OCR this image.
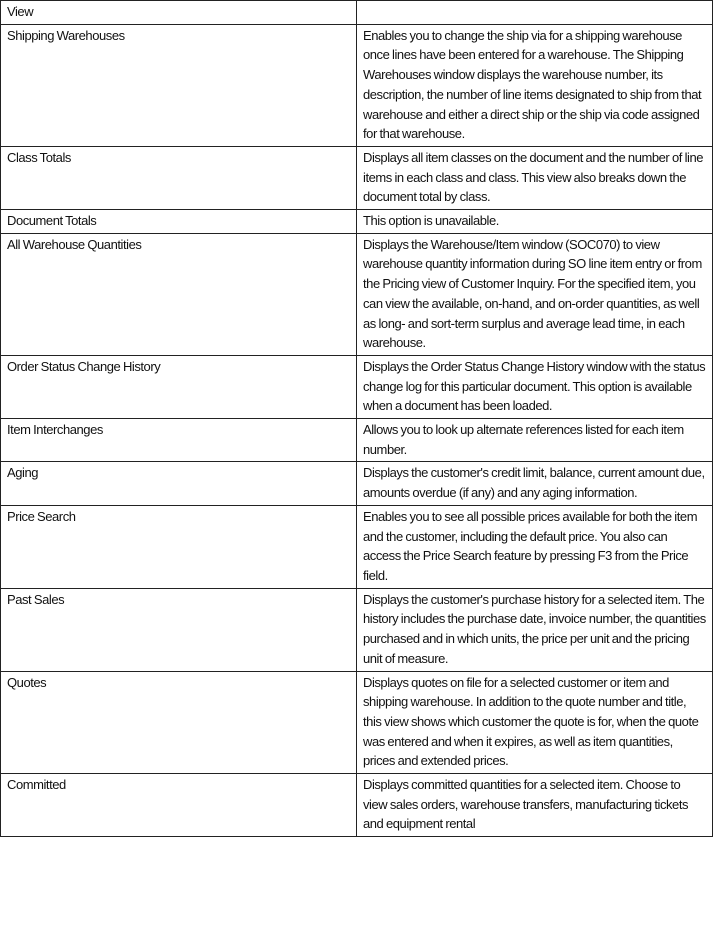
View	
Shipping Warehouses	Enables you to change the ship via for a shipping warehouse once lines have been entered for a warehouse. The Shipping Warehouses window displays the warehouse number, its description, the number of line items designated to ship from that warehouse and either a direct ship or the ship via code assigned for that warehouse.
Class Totals	Displays all item classes on the document and the number of line items in each class and class. This view also breaks down the document total by class.
Document Totals	This option is unavailable.
All Warehouse Quantities	Displays the Warehouse/Item window (SOC070) to view warehouse quantity information during SO line item entry or from the Pricing view of Customer Inquiry. For the specified item, you can view the available, on-hand, and on-order quantities, as well as long- and sort-term surplus and average lead time, in each warehouse.
Order Status Change History	Displays the Order Status Change History window with the status change log for this particular document. This option is available when a document has been loaded.
Item Interchanges	Allows you to look up alternate references listed for each item number.
Aging	Displays the customer's credit limit, balance, current amount due, amounts overdue (if any) and any aging information.
Price Search	Enables you to see all possible prices available for both the item and the customer, including the default price. You also can access the Price Search feature by pressing F3 from the Price field.
Past Sales	Displays the customer's purchase history for a selected item. The history includes the purchase date, invoice number, the quantities purchased and in which units, the price per unit and the pricing unit of measure.
Quotes	Displays quotes on file for a selected customer or item and shipping warehouse. In addition to the quote number and title, this view shows which customer the quote is for, when the quote was entered and when it expires, as well as item quantities, prices and extended prices.
Committed	Displays committed quantities for a selected item. Choose to view sales orders, warehouse transfers, manufacturing tickets and equipment rental
